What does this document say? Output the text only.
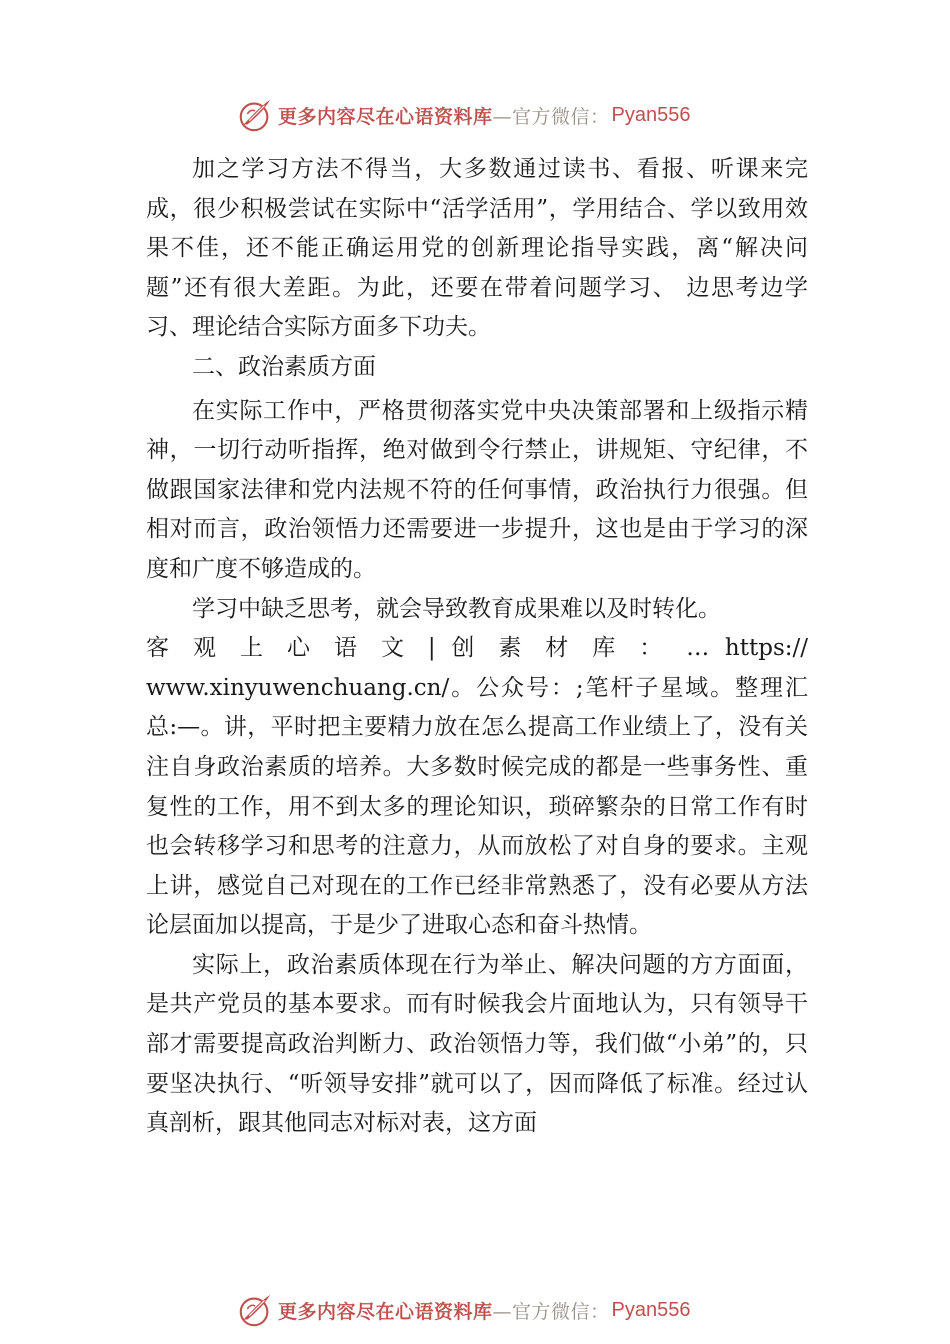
更多内容尽在心语资料库 —官方微信： Pyan556

加之学习方法不得当，大多数通过读书、看报、听课来完成，很少积极尝试在实际中“活学活用”，学用结合、学以致用效果不佳，还不能正确运用党的创新理论指导实践，离“解决问题”还有很大差距。为此，还要在带着问题学习、 边思考边学习、理论结合实际方面多下功夫。

二、政治素质方面

在实际工作中，严格贯彻落实党中央决策部署和上级指示精神，一切行动听指挥，绝对做到令行禁止，讲规矩、守纪律，不做跟国家法律和党内法规不符的任何事情，政治执行力很强。但相对而言，政治领悟力还需要进一步提升，这也是由于学习的深度和广度不够造成的。

学习中缺乏思考，就会导致教育成果难以及时转化。

客 观 上 心 语 文 | 创 素 材 库 ： … https://

www.xinyuwenchuang.cn/。公众号：;笔杆子星域。整理汇总:—。讲，平时把主要精力放在怎么提高工作业绩上了，没有关注自身政治素质的培养。大多数时候完成的都是一些事务性、重复性的工作，用不到太多的理论知识，琐碎繁杂的日常工作有时也会转移学习和思考的注意力，从而放松了对自身的要求。主观上讲，感觉自己对现在的工作已经非常熟悉了，没有必要从方法论层面加以提高，于是少了进取心态和奋斗热情。

实际上，政治素质体现在行为举止、解决问题的方方面面，是共产党员的基本要求。而有时候我会片面地认为，只有领导干部才需要提高政治判断力、政治领悟力等，我们做“小弟”的，只要坚决执行、“听领导安排”就可以了，因而降低了标准。经过认真剖析，跟其他同志对标对表，这方面

更多内容尽在心语资料库 —官方微信： Pyan556
